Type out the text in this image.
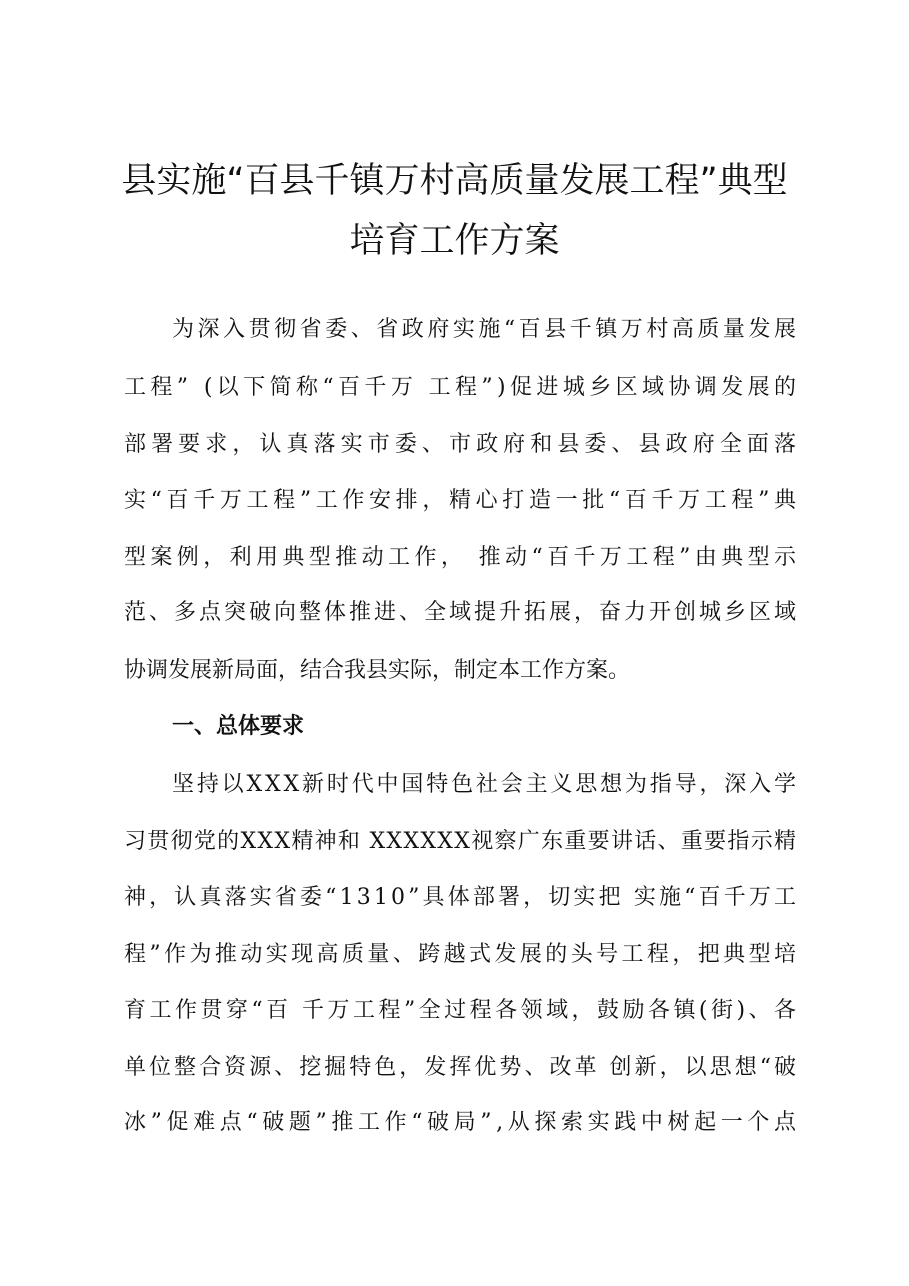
县实施“百县千镇万村高质量发展工程”典型
培育工作方案

为深入贯彻省委、省政府实施“百县千镇万村高质量发展

工程” (以下简称“百千万 工程”)促进城乡区域协调发展的

部署要求，认真落实市委、市政府和县委、县政府全面落

实“百千万工程”工作安排，精心打造一批“百千万工程”典

型案例，利用典型推动工作， 推动“百千万工程”由典型示

范、多点突破向整体推进、全域提升拓展，奋力开创城乡区域

协调发展新局面，结合我县实际，制定本工作方案。

一、总体要求

坚持以XXX新时代中国特色社会主义思想为指导，深入学

习贯彻党的XXX精神和 XXXXXX视察广东重要讲话、重要指示精

神，认真落实省委“1310”具体部署，切实把 实施“百千万工

程”作为推动实现高质量、跨越式发展的头号工程，把典型培

育工作贯穿“百 千万工程”全过程各领域，鼓励各镇(街)、各

单位整合资源、挖掘特色，发挥优势、改革 创新，以思想“破

冰”促难点“破题”推工作“破局”,从探索实践中树起一个点
